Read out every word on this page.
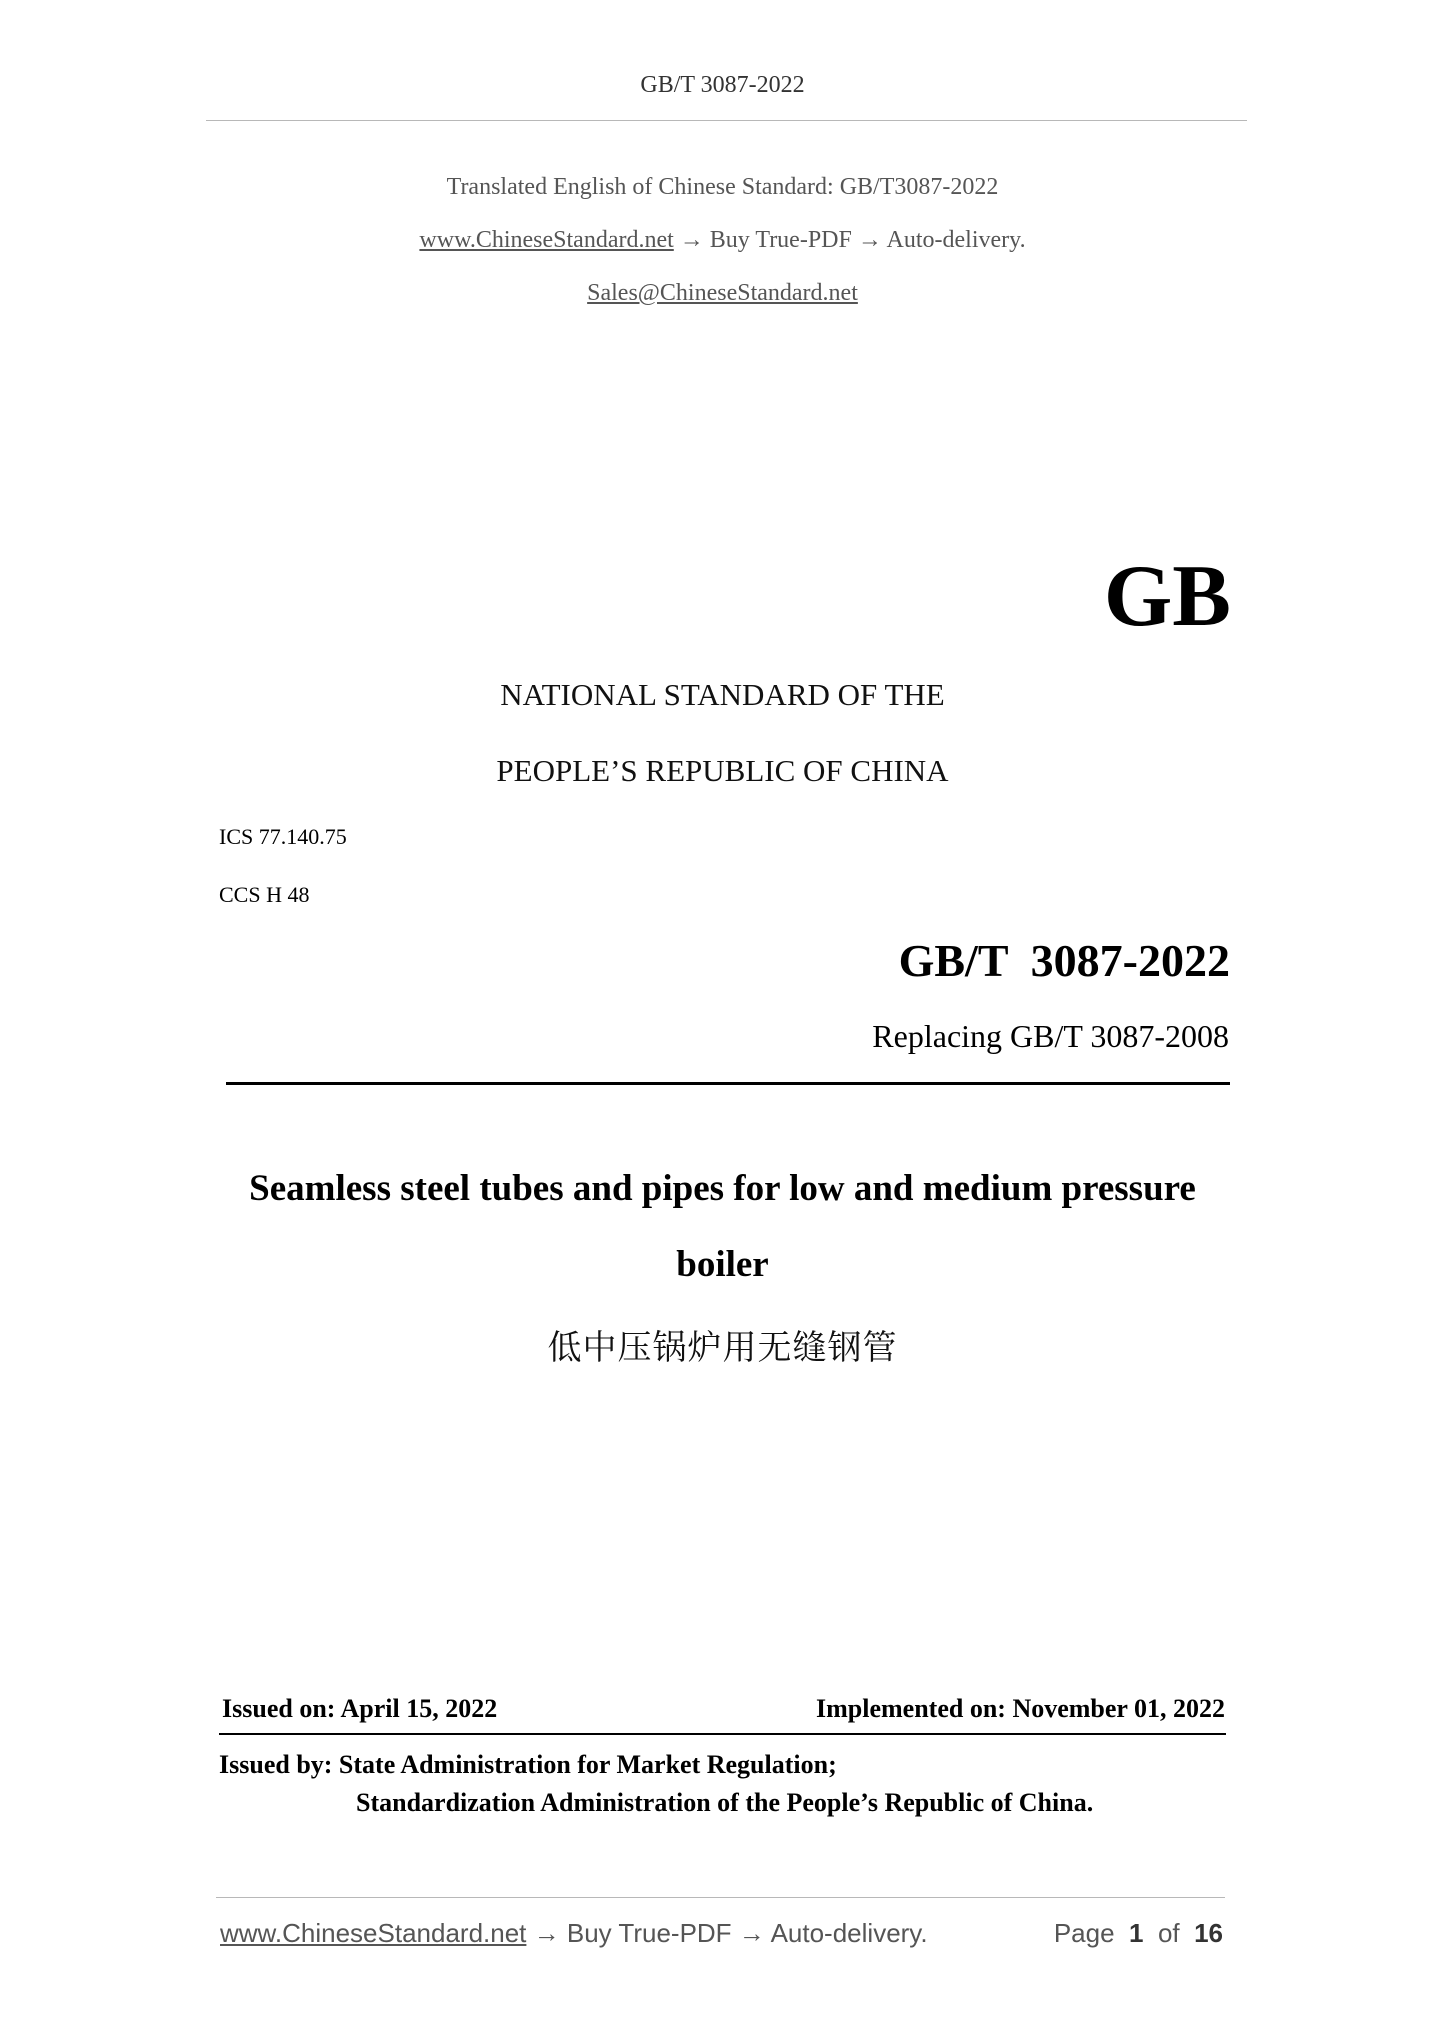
GB/T 3087-2022
Translated English of Chinese Standard: GB/T3087-2022
www.ChineseStandard.net → Buy True-PDF → Auto-delivery.
Sales@ChineseStandard.net
GB
NATIONAL STANDARD OF THE
PEOPLE’S REPUBLIC OF CHINA
ICS 77.140.75
CCS H 48
GB/T  3087-2022
Replacing GB/T 3087-2008
Seamless steel tubes and pipes for low and medium pressure
boiler
低中压锅炉用无缝钢管
Issued on: April 15, 2022	Implemented on: November 01, 2022
Issued by: State Administration for Market Regulation;
Standardization Administration of the People’s Republic of China.
www.ChineseStandard.net → Buy True-PDF → Auto-delivery.	Page 1 of 16
